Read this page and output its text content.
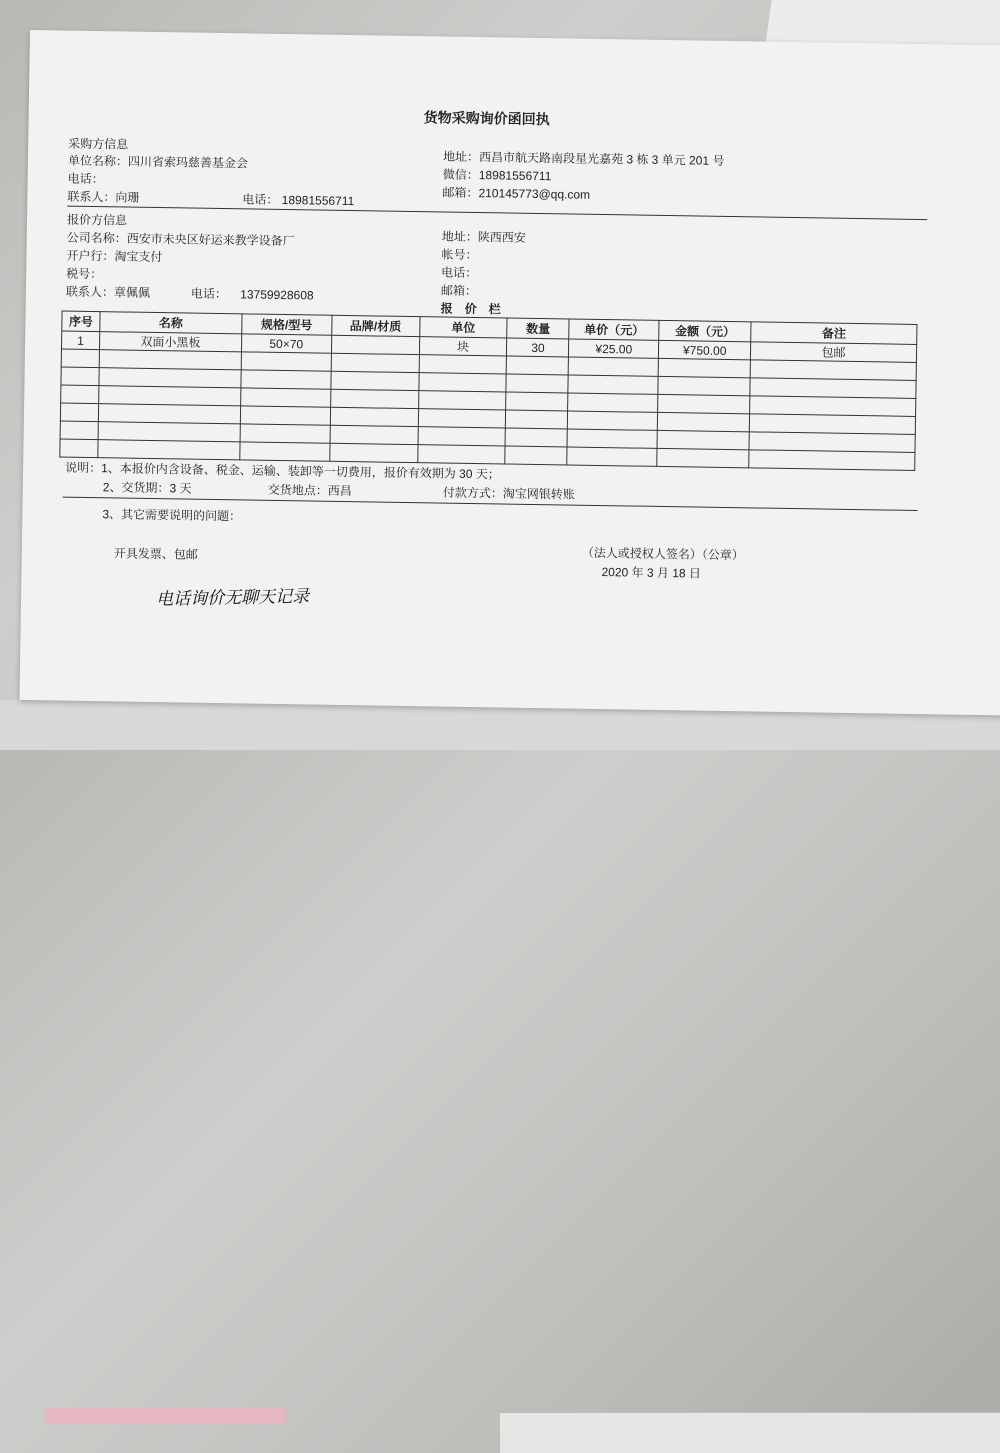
货物采购询价函回执
采购方信息
单位名称：四川省索玛慈善基金会
电话：
联系人：向珊	电话： 18981556711
地址：西昌市航天路南段星光嘉苑 3 栋 3 单元 201 号
微信：18981556711
邮箱：210145773@qq.com
报价方信息
公司名称：西安市未央区好运来教学设备厂
开户行：淘宝支付
税号：
联系人：章佩佩	电话： 13759928608
地址：陕西西安
帐号：
电话：
邮箱：
报　价　栏
序号	名称	规格/型号	品牌/材质	单位	数量	单价（元）	金额（元）	备注
1	双面小黑板	50×70		块	30	¥25.00	¥750.00	包邮

说明：1、本报价内含设备、税金、运输、装卸等一切费用，报价有效期为 30 天；
2、交货期：3 天	交货地点：西昌	付款方式：淘宝网银转账
3、其它需要说明的问题：
开具发票、包邮	（法人或授权人签名）（公章）
2020 年 3 月 18 日
电话询价无聊天记录
